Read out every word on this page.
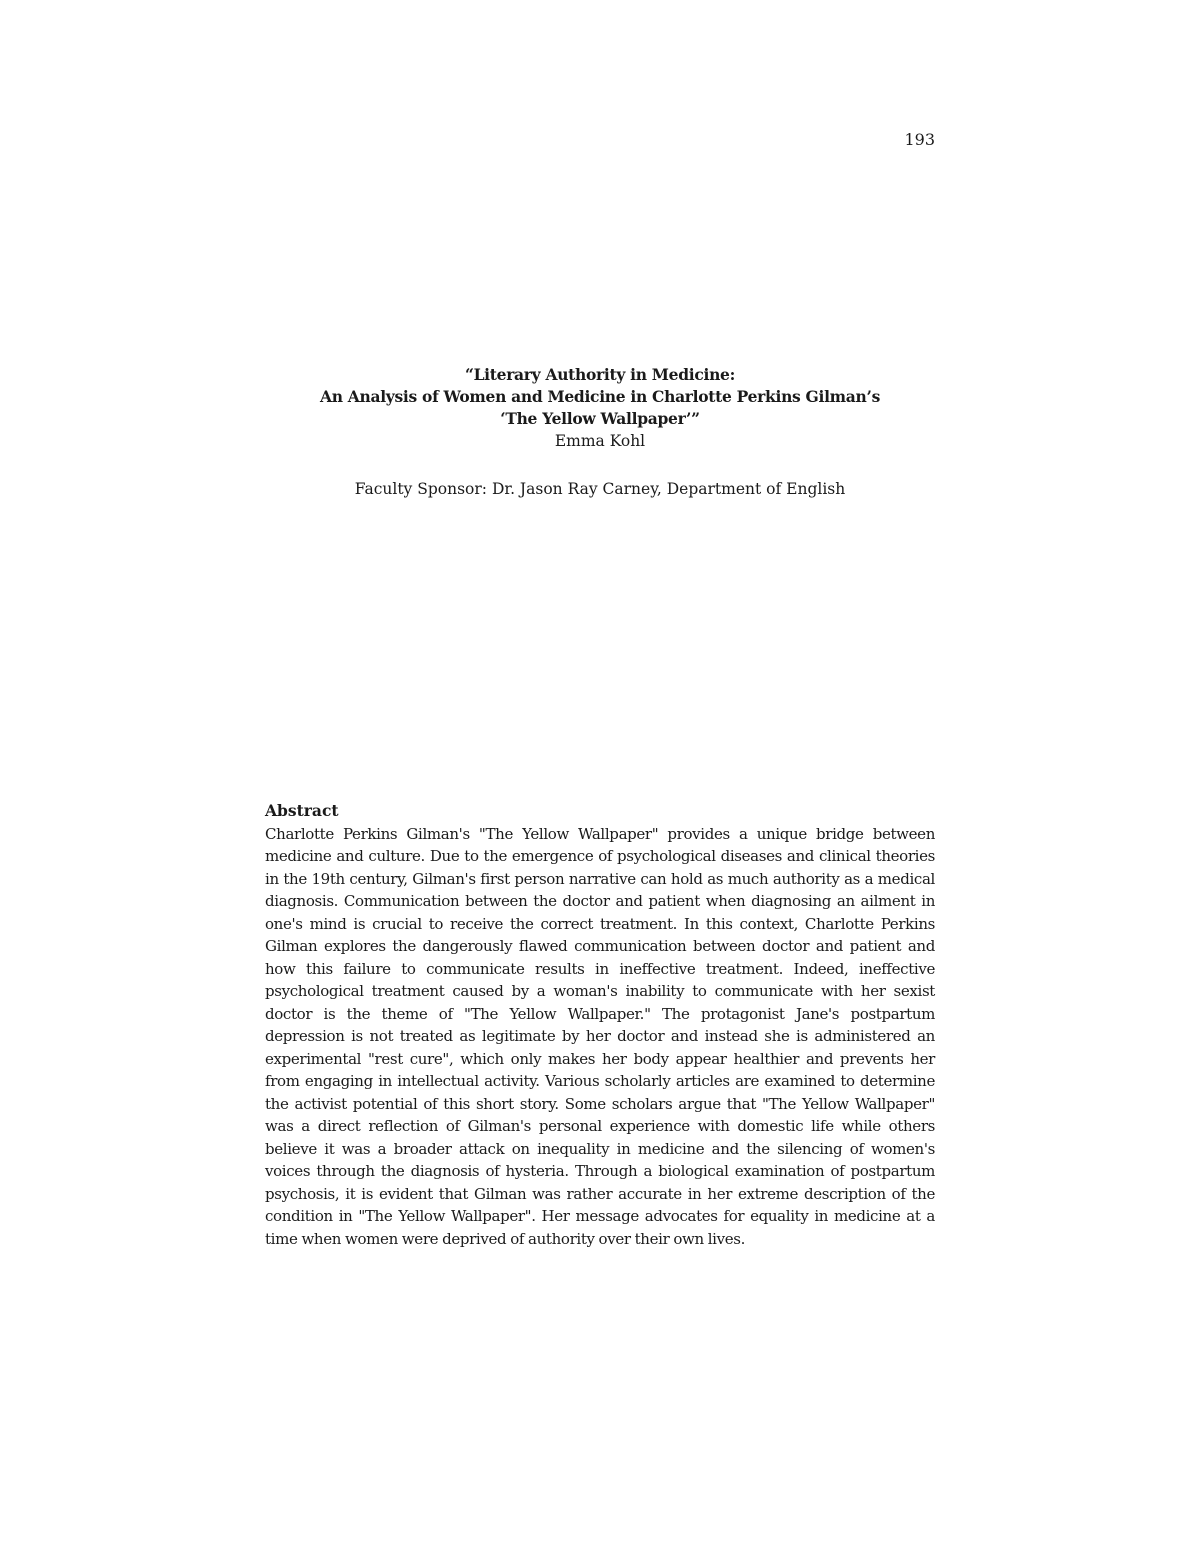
193

“Literary Authority in Medicine:

An Analysis of Women and Medicine in Charlotte Perkins Gilman’s

‘The Yellow Wallpaper’”

Emma Kohl

Faculty Sponsor: Dr. Jason Ray Carney, Department of English

Abstract

Charlotte Perkins Gilman's "The Yellow Wallpaper" provides a unique bridge between medicine and culture. Due to the emergence of psychological diseases and clinical theories in the 19th century, Gilman's first person narrative can hold as much authority as a medical diagnosis. Communication between the doctor and patient when diagnosing an ailment in one's mind is crucial to receive the correct treatment. In this context, Charlotte Perkins Gilman explores the dangerously flawed communication between doctor and patient and how this failure to communicate results in ineffective treatment. Indeed, ineffective psychological treatment caused by a woman's inability to communicate with her sexist doctor is the theme of "The Yellow Wallpaper." The protagonist Jane's postpartum depression is not treated as legitimate by her doctor and instead she is administered an experimental "rest cure", which only makes her body appear healthier and prevents her from engaging in intellectual activity. Various scholarly articles are examined to determine the activist potential of this short story. Some scholars argue that "The Yellow Wallpaper" was a direct reflection of Gilman's personal experience with domestic life while others believe it was a broader attack on inequality in medicine and the silencing of women's voices through the diagnosis of hysteria. Through a biological examination of postpartum psychosis, it is evident that Gilman was rather accurate in her extreme description of the condition in "The Yellow Wallpaper". Her message advocates for equality in medicine at a time when women were deprived of authority over their own lives.
